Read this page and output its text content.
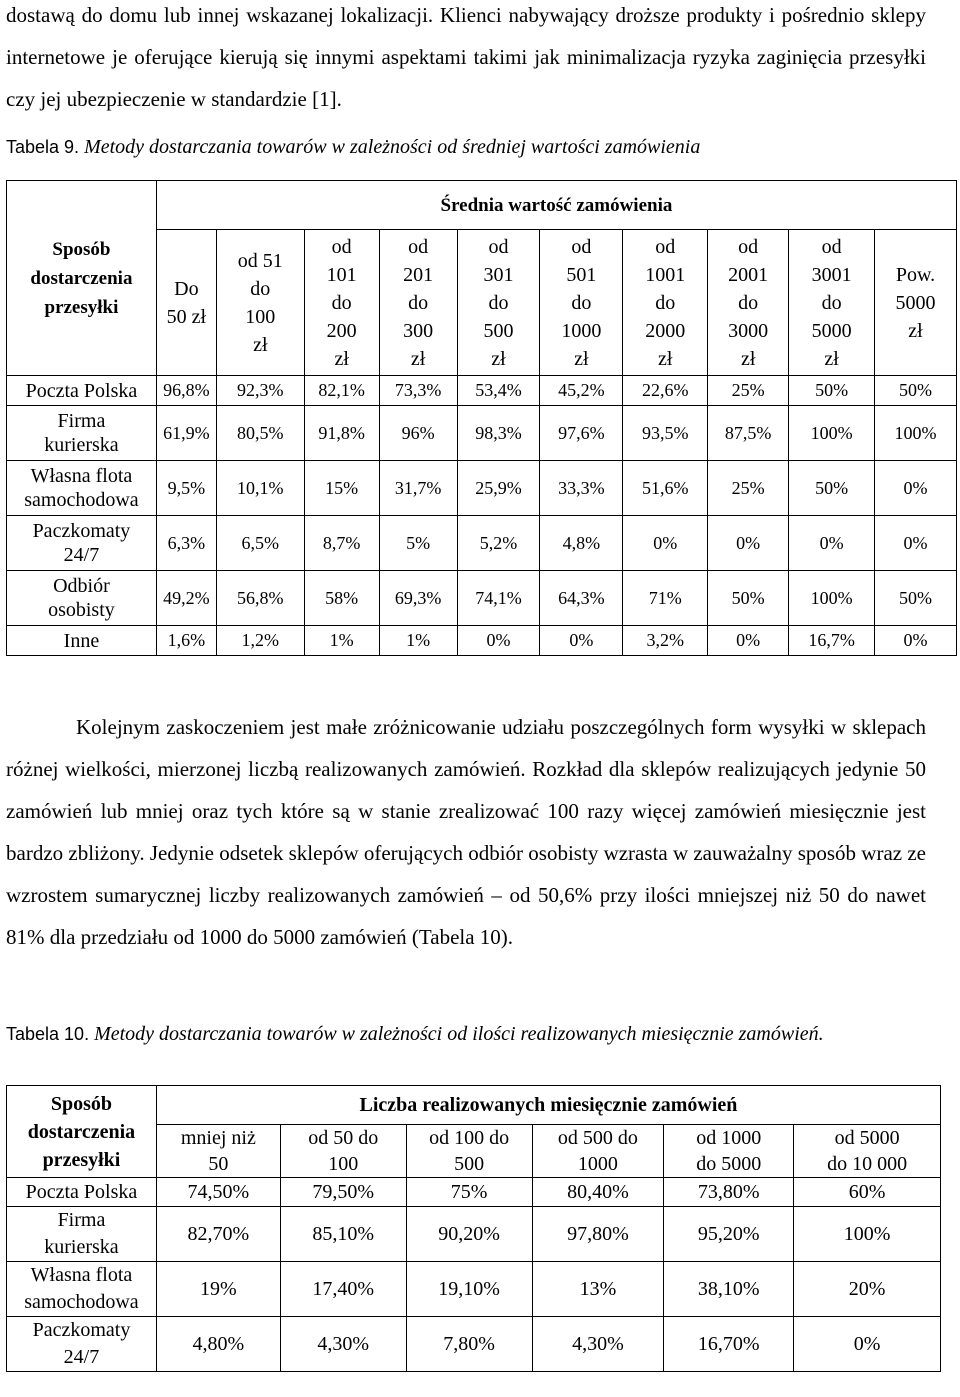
dostawą do domu lub innej wskazanej lokalizacji. Klienci nabywający droższe produkty i pośrednio sklepy internetowe je oferujące kierują się innymi aspektami takimi jak minimalizacja ryzyka zaginięcia przesyłki czy jej ubezpieczenie w standardzie [1].

Tabela 9. Metody dostarczania towarów w zależności od średniej wartości zamówienia

Sposób dostarczenia przesyłki	Średnia wartość zamówienia									
	Do
50 zł	od 51
do
100
zł	od
101
do
200
zł	od
201
do
300
zł	od
301
do
500
zł	od
501
do
1000
zł	od
1001
do
2000
zł	od
2001
do
3000
zł	od
3001
do
5000
zł	Pow.
5000
zł
Poczta Polska	96,8%	92,3%	82,1%	73,3%	53,4%	45,2%	22,6%	25%	50%	50%
Firma
kurierska	61,9%	80,5%	91,8%	96%	98,3%	97,6%	93,5%	87,5%	100%	100%
Własna flota
samochodowa	9,5%	10,1%	15%	31,7%	25,9%	33,3%	51,6%	25%	50%	0%
Paczkomaty
24/7	6,3%	6,5%	8,7%	5%	5,2%	4,8%	0%	0%	0%	0%
Odbiór
osobisty	49,2%	56,8%	58%	69,3%	74,1%	64,3%	71%	50%	100%	50%
Inne	1,6%	1,2%	1%	1%	0%	0%	3,2%	0%	16,7%	0%
Kolejnym zaskoczeniem jest małe zróżnicowanie udziału poszczególnych form wysyłki w sklepach różnej wielkości, mierzonej liczbą realizowanych zamówień. Rozkład dla sklepów realizujących jedynie 50 zamówień lub mniej oraz tych które są w stanie zrealizować 100 razy więcej zamówień miesięcznie jest bardzo zbliżony. Jedynie odsetek sklepów oferujących odbiór osobisty wzrasta w zauważalny sposób wraz ze wzrostem sumarycznej liczby realizowanych zamówień – od 50,6% przy ilości mniejszej niż 50 do nawet 81% dla przedziału od 1000 do 5000 zamówień (Tabela 10).

Tabela 10. Metody dostarczania towarów w zależności od ilości realizowanych miesięcznie zamówień.

Sposób dostarczenia przesyłki	Liczba realizowanych miesięcznie zamówień					
	mniej niż
50	od 50 do
100	od 100 do
500	od 500 do
1000	od 1000
do 5000	od 5000
do 10 000
Poczta Polska	74,50%	79,50%	75%	80,40%	73,80%	60%
Firma
kurierska	82,70%	85,10%	90,20%	97,80%	95,20%	100%
Własna flota
samochodowa	19%	17,40%	19,10%	13%	38,10%	20%
Paczkomaty
24/7	4,80%	4,30%	7,80%	4,30%	16,70%	0%
